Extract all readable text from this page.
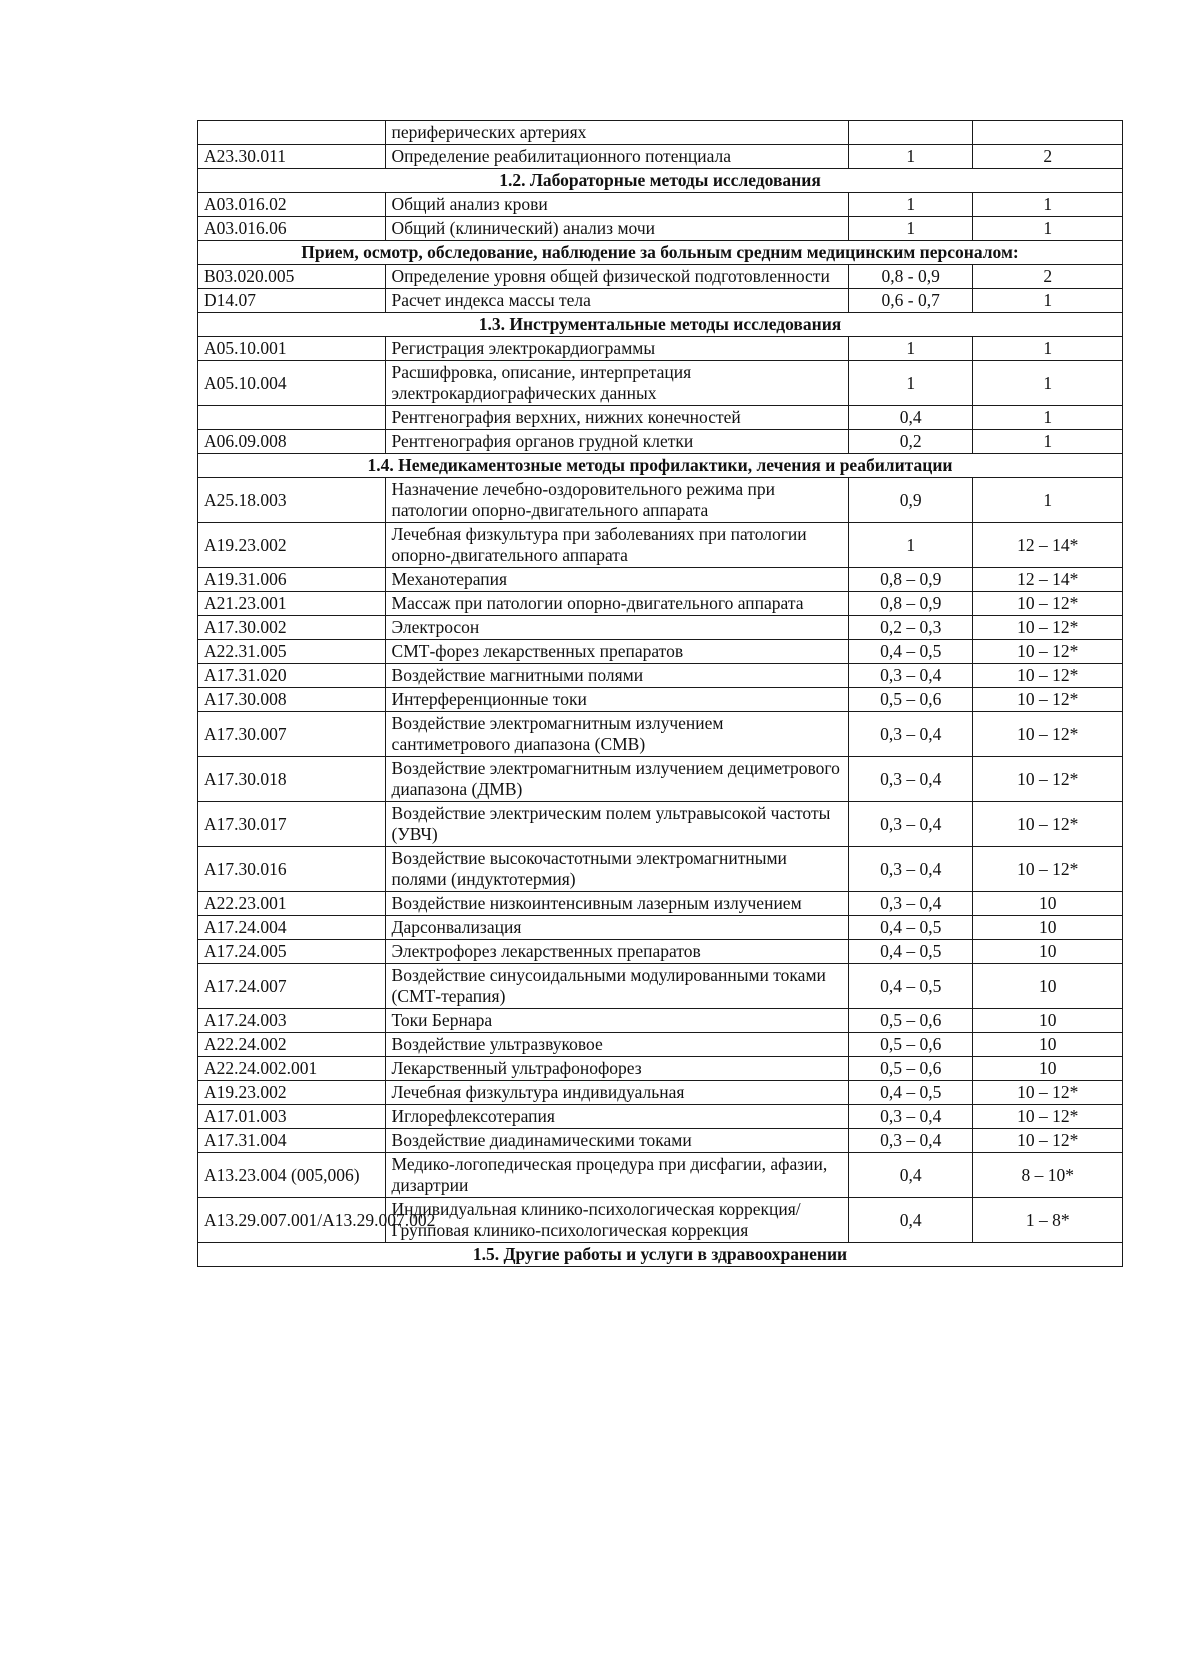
	периферических артериях		
A23.30.011	Определение реабилитационного потенциала	1	2
1.2. Лабораторные методы исследования			
A03.016.02	Общий анализ крови	1	1
A03.016.06	Общий (клинический) анализ мочи	1	1
Прием, осмотр, обследование, наблюдение за больным средним медицинским персоналом:			
B03.020.005	Определение уровня общей физической подготовленности	0,8 - 0,9	2
D14.07	Расчет индекса массы тела	0,6 - 0,7	1
1.3. Инструментальные методы исследования			
A05.10.001	Регистрация электрокардиограммы	1	1
A05.10.004	Расшифровка, описание, интерпретация электрокардиографических данных	1	1
	Рентгенография верхних, нижних конечностей	0,4	1
A06.09.008	Рентгенография органов грудной клетки	0,2	1
1.4. Немедикаментозные методы профилактики, лечения и реабилитации			
A25.18.003	Назначение лечебно-оздоровительного режима при патологии опорно-двигательного аппарата	0,9	1
A19.23.002	Лечебная физкультура при заболеваниях при патологии опорно-двигательного аппарата	1	12 – 14*
A19.31.006	Механотерапия	0,8 – 0,9	12 – 14*
A21.23.001	Массаж при патологии опорно-двигательного аппарата	0,8 – 0,9	10 – 12*
A17.30.002	Электросон	0,2 – 0,3	10 – 12*
A22.31.005	СМТ-форез лекарственных препаратов	0,4 – 0,5	10 – 12*
A17.31.020	Воздействие магнитными полями	0,3 – 0,4	10 – 12*
A17.30.008	Интерференционные токи	0,5 – 0,6	10 – 12*
A17.30.007	Воздействие электромагнитным излучением сантиметрового диапазона (СМВ)	0,3 – 0,4	10 – 12*
A17.30.018	Воздействие электромагнитным излучением дециметрового диапазона (ДМВ)	0,3 – 0,4	10 – 12*
A17.30.017	Воздействие электрическим полем ультравысокой частоты (УВЧ)	0,3 – 0,4	10 – 12*
A17.30.016	Воздействие высокочастотными электромагнитными полями (индуктотермия)	0,3 – 0,4	10 – 12*
A22.23.001	Воздействие низкоинтенсивным лазерным излучением	0,3 – 0,4	10
A17.24.004	Дарсонвализация	0,4 – 0,5	10
A17.24.005	Электрофорез лекарственных препаратов	0,4 – 0,5	10
A17.24.007	Воздействие синусоидальными модулированными токами (СМТ-терапия)	0,4 – 0,5	10
A17.24.003	Токи Бернара	0,5 – 0,6	10
A22.24.002	Воздействие ультразвуковое	0,5 – 0,6	10
A22.24.002.001	Лекарственный ультрафонофорез	0,5 – 0,6	10
A19.23.002	Лечебная физкультура индивидуальная	0,4 – 0,5	10 – 12*
A17.01.003	Иглорефлексотерапия	0,3 – 0,4	10 – 12*
A17.31.004	Воздействие диадинамическими токами	0,3 – 0,4	10 – 12*
A13.23.004 (005,006)	Медико-логопедическая процедура при дисфагии, афазии, дизартрии	0,4	8 – 10*
A13.29.007.001/A13.29.007.002	Индивидуальная клинико-психологическая коррекция/Групповая клинико-психологическая коррекция	0,4	1 – 8*
1.5. Другие работы и услуги в здравоохранении			
